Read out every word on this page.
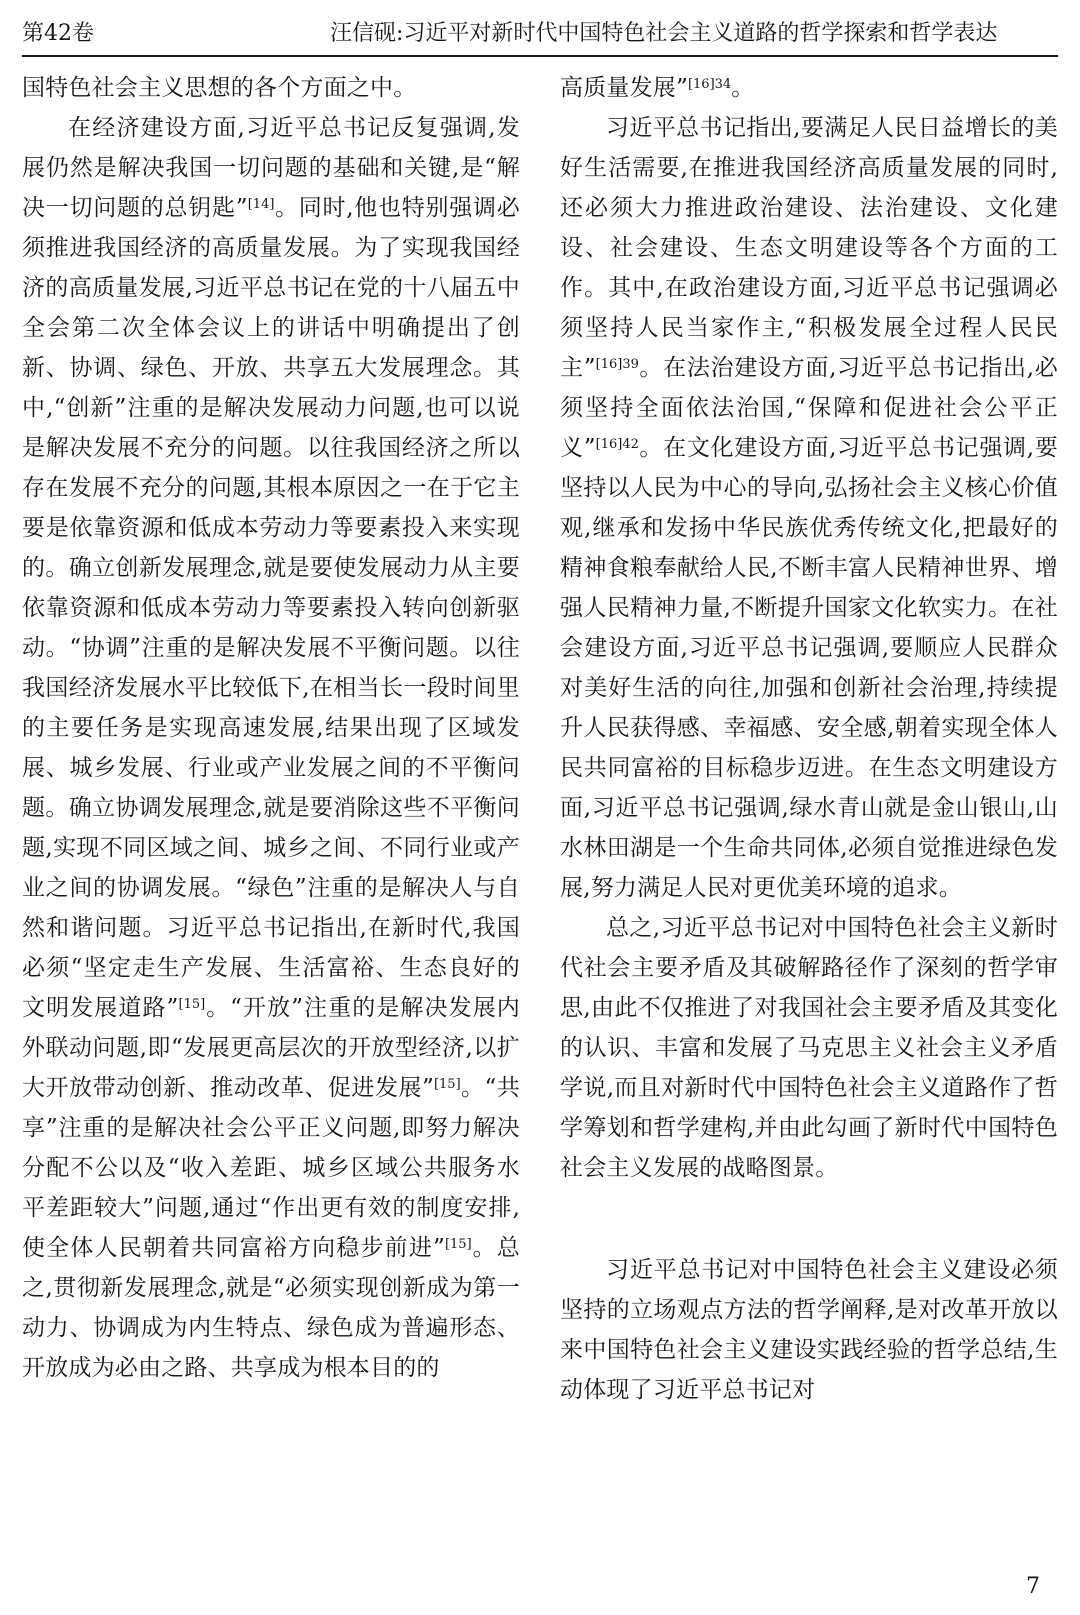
第42卷	汪信砚:习近平对新时代中国特色社会主义道路的哲学探索和哲学表达

国特色社会主义思想的各个方面之中。

在经济建设方面,习近平总书记反复强调,发展仍然是解决我国一切问题的基础和关键,是“解决一切问题的总钥匙”[14]。同时,他也特别强调必须推进我国经济的高质量发展。为了实现我国经济的高质量发展,习近平总书记在党的十八届五中全会第二次全体会议上的讲话中明确提出了创新、协调、绿色、开放、共享五大发展理念。其中,“创新”注重的是解决发展动力问题,也可以说是解决发展不充分的问题。以往我国经济之所以存在发展不充分的问题,其根本原因之一在于它主要是依靠资源和低成本劳动力等要素投入来实现的。确立创新发展理念,就是要使发展动力从主要依靠资源和低成本劳动力等要素投入转向创新驱动。“协调”注重的是解决发展不平衡问题。以往我国经济发展水平比较低下,在相当长一段时间里的主要任务是实现高速发展,结果出现了区域发展、城乡发展、行业或产业发展之间的不平衡问题。确立协调发展理念,就是要消除这些不平衡问题,实现不同区域之间、城乡之间、不同行业或产业之间的协调发展。“绿色”注重的是解决人与自然和谐问题。习近平总书记指出,在新时代,我国必须“坚定走生产发展、生活富裕、生态良好的文明发展道路”[15]。“开放”注重的是解决发展内外联动问题,即“发展更高层次的开放型经济,以扩大开放带动创新、推动改革、促进发展”[15]。“共享”注重的是解决社会公平正义问题,即努力解决分配不公以及“收入差距、城乡区域公共服务水平差距较大”问题,通过“作出更有效的制度安排,使全体人民朝着共同富裕方向稳步前进”[15]。总之,贯彻新发展理念,就是“必须实现创新成为第一动力、协调成为内生特点、绿色成为普遍形态、开放成为必由之路、共享成为根本目的的

高质量发展”$^{[16]34}$。

习近平总书记指出,要满足人民日益增长的美好生活需要,在推进我国经济高质量发展的同时,还必须大力推进政治建设、法治建设、文化建设、社会建设、生态文明建设等各个方面的工作。其中,在政治建设方面,习近平总书记强调必须坚持人民当家作主,“积极发展全过程人民民主”$^{[16]39}$。在法治建设方面,习近平总书记指出,必须坚持全面依法治国,“保障和促进社会公平正义”$^{[16]42}$。在文化建设方面,习近平总书记强调,要坚持以人民为中心的导向,弘扬社会主义核心价值观,继承和发扬中华民族优秀传统文化,把最好的精神食粮奉献给人民,不断丰富人民精神世界、增强人民精神力量,不断提升国家文化软实力。在社会建设方面,习近平总书记强调,要顺应人民群众对美好生活的向往,加强和创新社会治理,持续提升人民获得感、幸福感、安全感,朝着实现全体人民共同富裕的目标稳步迈进。在生态文明建设方面,习近平总书记强调,绿水青山就是金山银山,山水林田湖是一个生命共同体,必须自觉推进绿色发展,努力满足人民对更优美环境的追求。

总之,习近平总书记对中国特色社会主义新时代社会主要矛盾及其破解路径作了深刻的哲学审思,由此不仅推进了对我国社会主要矛盾及其变化的认识、丰富和发展了马克思主义社会主义矛盾学说,而且对新时代中国特色社会主义道路作了哲学筹划和哲学建构,并由此勾画了新时代中国特色社会主义发展的战略图景。

习近平总书记对中国特色社会主义建设必须坚持的立场观点方法的哲学阐释,是对改革开放以来中国特色社会主义建设实践经验的哲学总结,生动体现了习近平总书记对

7
